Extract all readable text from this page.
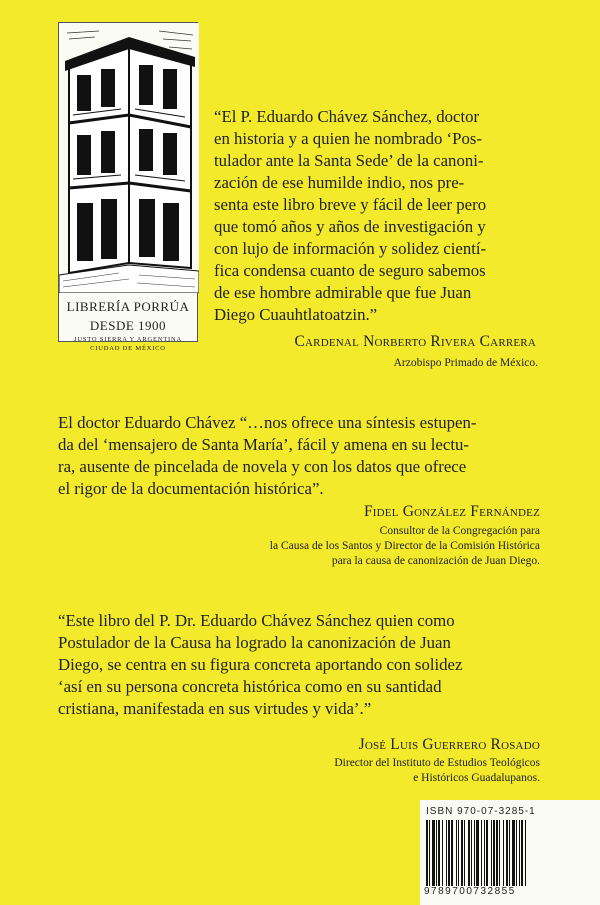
LIBRERÍA PORRÚA
DESDE 1900
JUSTO SIERRA Y ARGENTINA
CIUDAD DE MÉXICO

“El P. Eduardo Chávez Sánchez, doctor
en historia y a quien he nombrado ‘Pos-
tulador ante la Santa Sede’ de la canoni-
zación de ese humilde indio, nos pre-
senta este libro breve y fácil de leer pero
que tomó años y años de investigación y
con lujo de información y solidez cientí-
fica condensa cuanto de seguro sabemos
de ese hombre admirable que fue Juan
Diego Cuauhtlatoatzin.”

Cardenal Norberto Rivera Carrera
Arzobispo Primado de México.

El doctor Eduardo Chávez “…nos ofrece una síntesis estupen-
da del ‘mensajero de Santa María’, fácil y amena en su lectu-
ra, ausente de pincelada de novela y con los datos que ofrece
el rigor de la documentación histórica”.

Fidel González Fernández
Consultor de la Congregación para
la Causa de los Santos y Director de la Comisión Histórica
para la causa de canonización de Juan Diego.

“Este libro del P. Dr. Eduardo Chávez Sánchez quien como
Postulador de la Causa ha logrado la canonización de Juan
Diego, se centra en su figura concreta aportando con solidez
‘así en su persona concreta histórica como en su santidad
cristiana, manifestada en sus virtudes y vida’.”

José Luis Guerrero Rosado
Director del Instituto de Estudios Teológicos
e Históricos Guadalupanos.
ISBN 970-07-3285-1
9789700732855
